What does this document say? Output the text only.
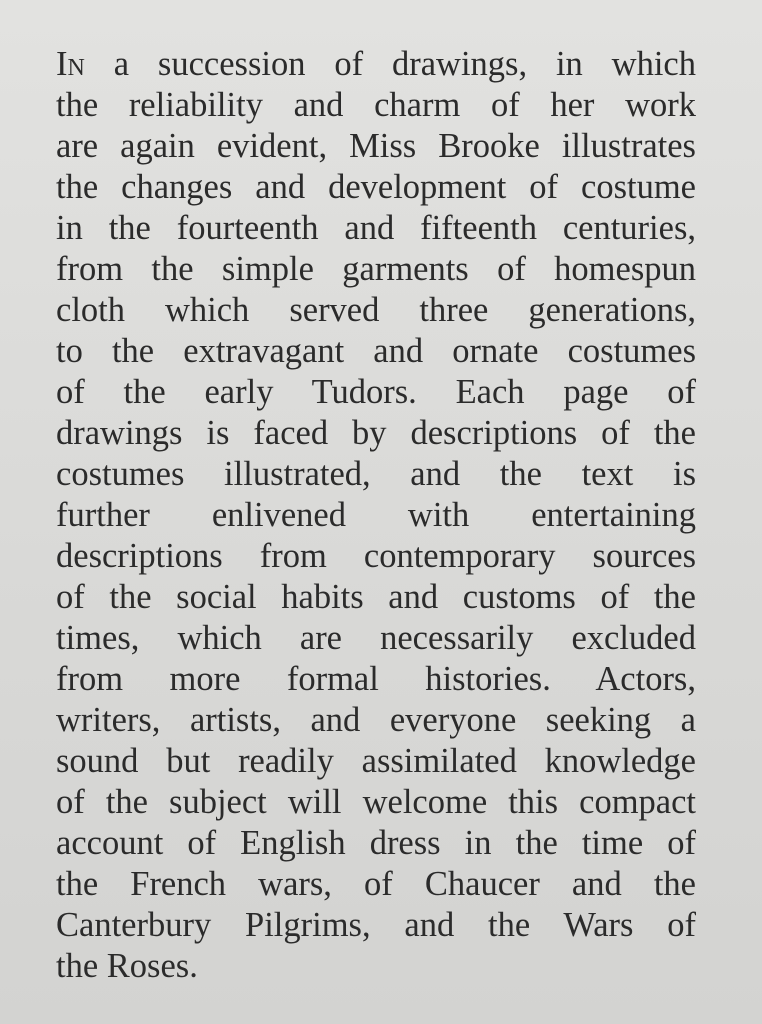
In a succession of drawings, in which
the reliability and charm of her work
are again evident, Miss Brooke illustrates
the changes and development of costume
in the fourteenth and fifteenth centuries,
from the simple garments of homespun
cloth which served three generations,
to the extravagant and ornate costumes
of the early Tudors. Each page of
drawings is faced by descriptions of the
costumes illustrated, and the text is
further enlivened with entertaining
descriptions from contemporary sources
of the social habits and customs of the
times, which are necessarily excluded
from more formal histories. Actors,
writers, artists, and everyone seeking a
sound but readily assimilated knowledge
of the subject will welcome this compact
account of English dress in the time of
the French wars, of Chaucer and the
Canterbury Pilgrims, and the Wars of
the Roses.
